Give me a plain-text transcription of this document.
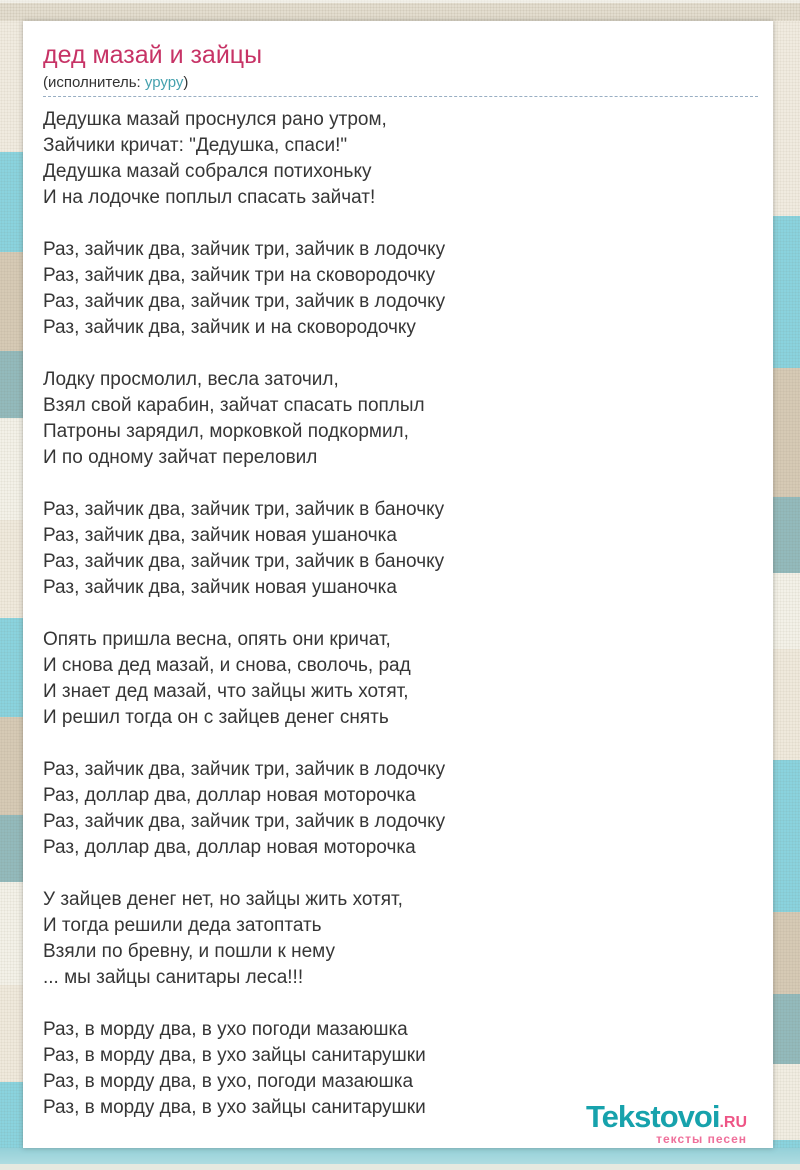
дед мазай и зайцы
(исполнитель: уруру)
Дедушка мазай проснулся рано утром,
Зайчики кричат: "Дедушка, спаси!"
Дедушка мазай собрался потихоньку
И на лодочке поплыл спасать зайчат!
Раз, зайчик два, зайчик три, зайчик в лодочку
Раз, зайчик два, зайчик три на сковородочку
Раз, зайчик два, зайчик три, зайчик в лодочку
Раз, зайчик два, зайчик и на сковородочку
Лодку просмолил, весла заточил,
Взял свой карабин, зайчат спасать поплыл
Патроны зарядил, морковкой подкормил,
И по одному зайчат переловил
Раз, зайчик два, зайчик три, зайчик в баночку
Раз, зайчик два, зайчик новая ушаночка
Раз, зайчик два, зайчик три, зайчик в баночку
Раз, зайчик два, зайчик новая ушаночка
Опять пришла весна, опять они кричат,
И снова дед мазай, и снова, сволочь, рад
И знает дед мазай, что зайцы жить хотят,
И решил тогда он с зайцев денег снять
Раз, зайчик два, зайчик три, зайчик в лодочку
Раз, доллар два, доллар новая моторочка
Раз, зайчик два, зайчик три, зайчик в лодочку
Раз, доллар два, доллар новая моторочка
У зайцев денег нет, но зайцы жить хотят,
И тогда решили деда затоптать
Взяли по бревну, и пошли к нему
... мы зайцы санитары леса!!!
Раз, в морду два, в ухо погоди мазаюшка
Раз, в морду два, в ухо зайцы санитарушки
Раз, в морду два, в ухо, погоди мазаюшка
Раз, в морду два, в ухо зайцы санитарушки	Tekstovoi.RU
тексты песен
